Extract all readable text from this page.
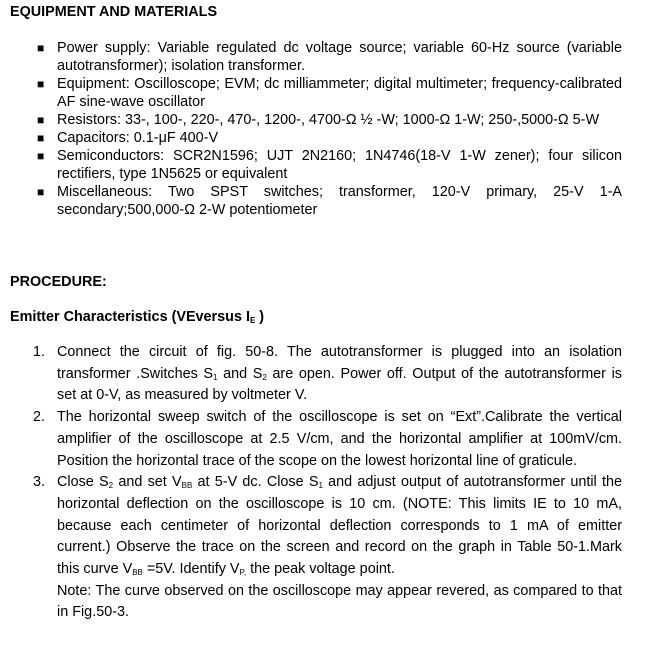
EQUIPMENT AND MATERIALS
■ Power supply: Variable regulated dc voltage source; variable 60-Hz source (variable autotransformer); isolation transformer.
■ Equipment: Oscilloscope; EVM; dc milliammeter; digital multimeter; frequency-calibrated AF sine-wave oscillator
■ Resistors: 33-, 100-, 220-, 470-, 1200-, 4700-Ω ½ -W; 1000-Ω 1-W; 250-,5000-Ω 5-W
■ Capacitors: 0.1-μF 400-V
■ Semiconductors: SCR2N1596; UJT 2N2160; 1N4746(18-V 1-W zener); four silicon rectifiers, type 1N5625 or equivalent
■ Miscellaneous: Two SPST switches; transformer, 120-V primary, 25-V 1-A secondary;500,000-Ω 2-W potentiometer
PROCEDURE:
Emitter Characteristics (VEversus $I_E$ )
1. Connect the circuit of fig. 50-8. The autotransformer is plugged into an isolation transformer .Switches $S_1$ and $S_2$ are open. Power off. Output of the autotransformer is set at 0-V, as measured by voltmeter V.
2. The horizontal sweep switch of the oscilloscope is set on “Ext”.Calibrate the vertical amplifier of the oscilloscope at 2.5 V/cm, and the horizontal amplifier at 100mV/cm. Position the horizontal trace of the scope on the lowest horizontal line of graticule.
3. Close $S_2$ and set $V_{BB}$ at 5-V dc. Close $S_1$ and adjust output of autotransformer until the horizontal deflection on the oscilloscope is 10 cm. (NOTE: This limits IE to 10 mA, because each centimeter of horizontal deflection corresponds to 1 mA of emitter current.) Observe the trace on the screen and record on the graph in Table 50-1.Mark this curve $V_{BB} =5V$. Identify $V_{P,}$ the peak voltage point.
Note: The curve observed on the oscilloscope may appear revered, as compared to that in Fig.50-3.
